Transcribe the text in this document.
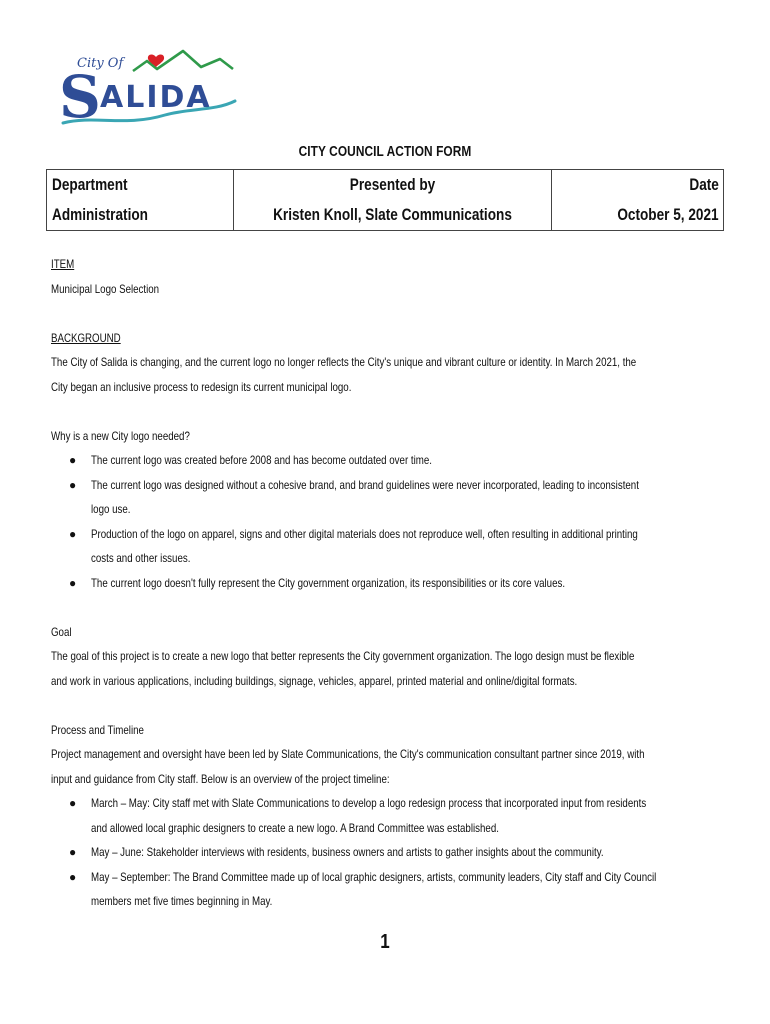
City Of
S ALIDA
CITY COUNCIL ACTION FORM
Department
Administration
Presented by
Kristen Knoll, Slate Communications
Date
October 5, 2021
ITEM
Municipal Logo Selection
BACKGROUND
The City of Salida is changing, and the current logo no longer reflects the City's unique and vibrant culture or identity. In March 2021, the
City began an inclusive process to redesign its current municipal logo.
Why is a new City logo needed?
● The current logo was created before 2008 and has become outdated over time.
● The current logo was designed without a cohesive brand, and brand guidelines were never incorporated, leading to inconsistent
logo use.
● Production of the logo on apparel, signs and other digital materials does not reproduce well, often resulting in additional printing
costs and other issues.
● The current logo doesn't fully represent the City government organization, its responsibilities or its core values.
Goal
The goal of this project is to create a new logo that better represents the City government organization. The logo design must be flexible
and work in various applications, including buildings, signage, vehicles, apparel, printed material and online/digital formats.
Process and Timeline
Project management and oversight have been led by Slate Communications, the City's communication consultant partner since 2019, with
input and guidance from City staff. Below is an overview of the project timeline:
● March – May: City staff met with Slate Communications to develop a logo redesign process that incorporated input from residents
and allowed local graphic designers to create a new logo. A Brand Committee was established.
● May – June: Stakeholder interviews with residents, business owners and artists to gather insights about the community.
● May – September: The Brand Committee made up of local graphic designers, artists, community leaders, City staff and City Council
members met five times beginning in May.
1
